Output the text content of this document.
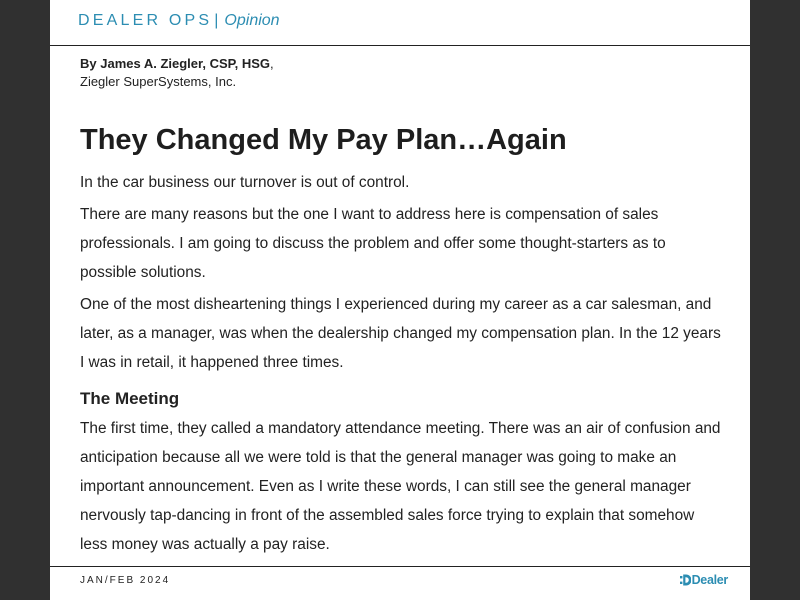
DEALER OPS | Opinion
By James A. Ziegler, CSP, HSG,
Ziegler SuperSystems, Inc.
They Changed My Pay Plan…Again

In the car business our turnover is out of control.

There are many reasons but the one I want to address here is compensation of sales professionals. I am going to discuss the problem and offer some thought-starters as to possible solutions.

One of the most disheartening things I experienced during my career as a car salesman, and later, as a manager, was when the dealership changed my compensation plan. In the 12 years I was in retail, it happened three times.

The Meeting

The first time, they called a mandatory attendance meeting. There was an air of confusion and anticipation because all we were told is that the general manager was going to make an important announcement. Even as I write these words, I can still see the general manager nervously tap-dancing in front of the assembled sales force trying to explain that somehow less money was actually a pay raise.

JAN/FEB 2024	Dealer
